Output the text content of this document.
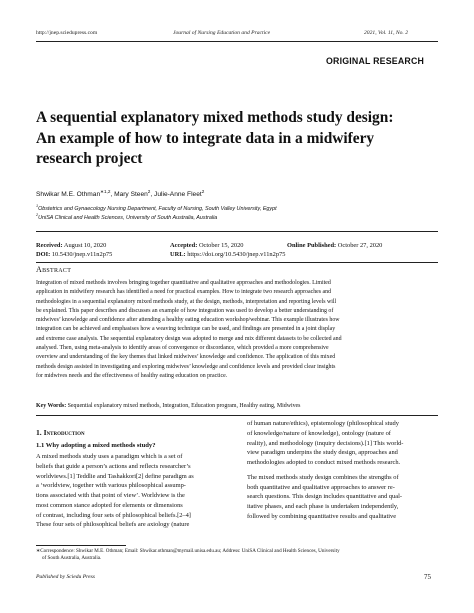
http://jnep.sciedupress.com	Journal of Nursing Education and Practice	2021, Vol. 11, No. 2
ORIGINAL RESEARCH
A sequential explanatory mixed methods study design:
An example of how to integrate data in a midwifery
research project
Shwikar M.E. Othman$^{∗1,2}$, Mary Steen$^2$, Julie-Anne Fleet$^2$
$^1$Obstetrics and Gynaecology Nursing Department, Faculty of Nursing, South Valley University, Egypt
$^2$UniSA Clinical and Health Sciences, University of South Australia, Australia
Received: August 10, 2020	Accepted: October 15, 2020	Online Published: October 27, 2020
DOI: 10.5430/jnep.v11n2p75	URL: https://doi.org/10.5430/jnep.v11n2p75
Abstract
Integration of mixed methods involves bringing together quantitative and qualitative approaches and methodologies. Limited
application in midwifery research has identified a need for practical examples. How to integrate two research approaches and
methodologies in a sequential explanatory mixed methods study, at the design, methods, interpretation and reporting levels will
be explained. This paper describes and discusses an example of how integration was used to develop a better understanding of
midwives’ knowledge and confidence after attending a healthy eating education workshop/webinar. This example illustrates how
integration can be achieved and emphasises how a weaving technique can be used, and findings are presented in a joint display
and extreme case analysis. The sequential explanatory design was adopted to merge and mix different datasets to be collected and
analysed. Then, using meta-analysis to identify areas of convergence or discordance, which provided a more comprehensive
overview and understanding of the key themes that linked midwives’ knowledge and confidence. The application of this mixed
methods design assisted in investigating and exploring midwives’ knowledge and confidence levels and provided clear insights
for midwives needs and the effectiveness of healthy eating education on practice.
Key Words: Sequential explanatory mixed methods, Integration, Education program, Healthy eating, Midwives
1. Introduction
1.1 Why adopting a mixed methods study?
A mixed methods study uses a paradigm which is a set of
beliefs that guide a person’s actions and reflects researcher’s
worldviews.[1] Teddlie and Tashakkori[2] define paradigm as
a ‘worldview, together with various philosophical assump-
tions associated with that point of view’. Worldview is the
most common stance adopted for elements or dimensions
of contrast, including four sets of philosophical beliefs.[2–4]
These four sets of philosophical beliefs are axiology (nature
of human nature/ethics), epistemology (philosophical study
of knowledge/nature of knowledge), ontology (nature of
reality), and methodology (inquiry decisions).[1] This world-
view paradigm underpins the study design, approaches and
methodologies adopted to conduct mixed methods research.
The mixed methods study design combines the strengths of
both quantitative and qualitative approaches to answer re-
search questions. This design includes quantitative and qual-
itative phases, and each phase is undertaken independently,
followed by combining quantitative results and qualitative
∗Correspondence: Shwikar M.E. Othman; Email: Shwikar.othman@mymail.unisa.edu.au; Address: UniSA Clinical and Health Sciences, University
of South Australia, Australia.
Published by Sciedu Press	75
